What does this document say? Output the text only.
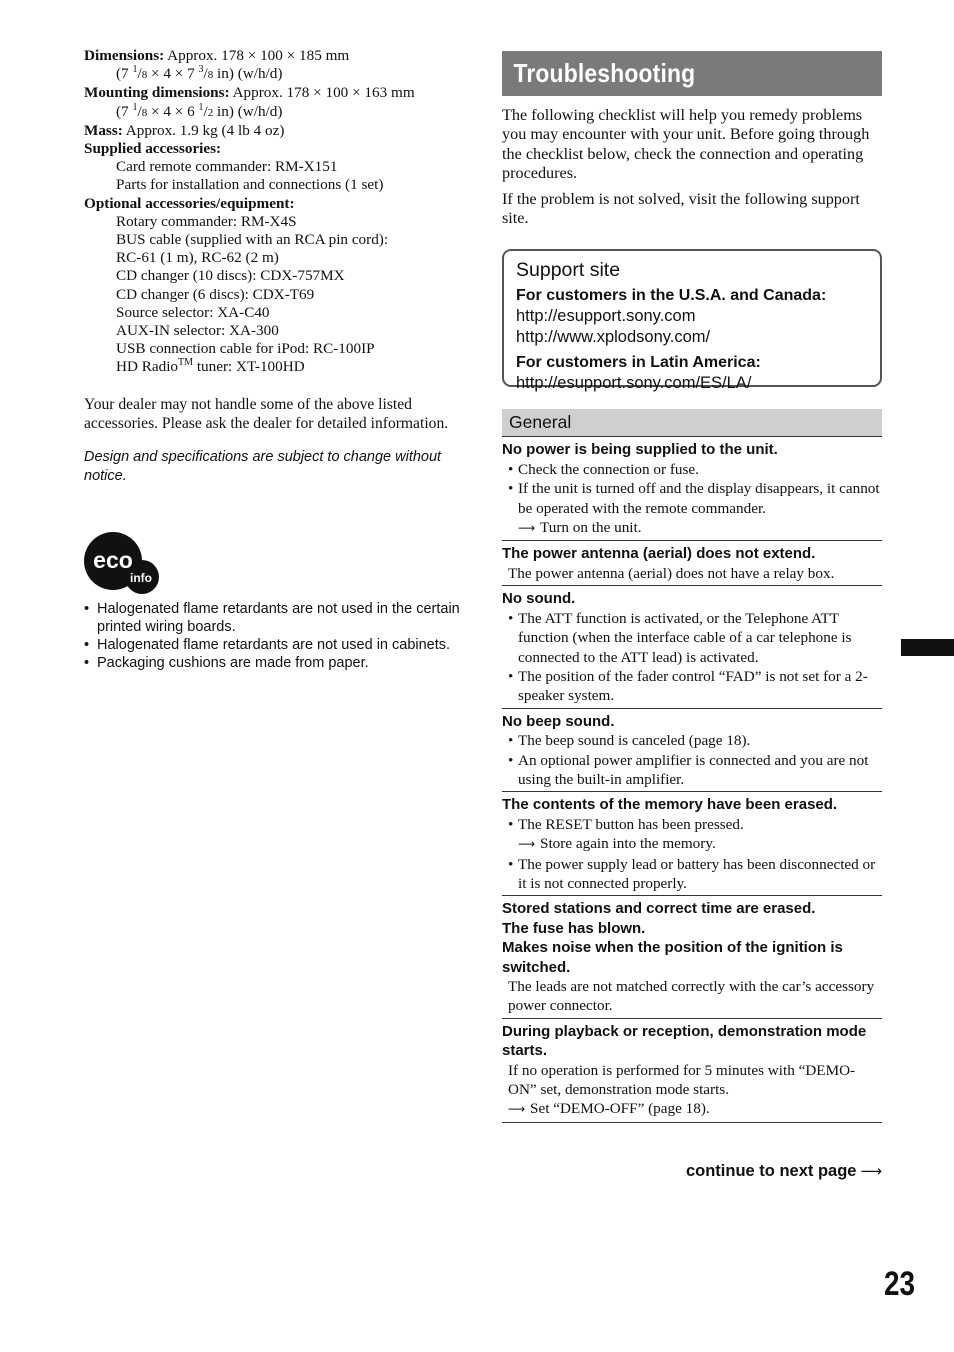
Dimensions: Approx. 178 × 100 × 185 mm

(7 $^1$/8 × 4 × 7 $^3$/8 in) (w/h/d)

Mounting dimensions: Approx. 178 × 100 × 163 mm

(7 $^1$/8 × 4 × 6 $^1$/2 in) (w/h/d)

Mass: Approx. 1.9 kg (4 lb 4 oz)

Supplied accessories:

Card remote commander: RM-X151

Parts for installation and connections (1 set)

Optional accessories/equipment:

Rotary commander: RM-X4S

BUS cable (supplied with an RCA pin cord):

RC-61 (1 m), RC-62 (2 m)

CD changer (10 discs): CDX-757MX

CD changer (6 discs): CDX-T69

Source selector: XA-C40

AUX-IN selector: XA-300

USB connection cable for iPod: RC-100IP

HD Radio™ tuner: XT-100HD

Your dealer may not handle some of the above listed accessories. Please ask the dealer for detailed information.

Design and specifications are subject to change without notice.

eco
info
• Halogenated flame retardants are not used in the certain printed wiring boards.
• Halogenated flame retardants are not used in cabinets.
• Packaging cushions are made from paper.
Troubleshooting

The following checklist will help you remedy problems you may encounter with your unit. Before going through the checklist below, check the connection and operating procedures.

If the problem is not solved, visit the following support site.

Support site

For customers in the U.S.A. and Canada:

http://esupport.sony.com

http://www.xplodsony.com/

For customers in Latin America:

http://esupport.sony.com/ES/LA/

General

No power is being supplied to the unit.

• Check the connection or fuse.

• If the unit is turned off and the display disappears, it cannot be operated with the remote commander.

⟶ Turn on the unit.

The power antenna (aerial) does not extend.

The power antenna (aerial) does not have a relay box.

No sound.

• The ATT function is activated, or the Telephone ATT function (when the interface cable of a car telephone is connected to the ATT lead) is activated.

• The position of the fader control “FAD” is not set for a 2-speaker system.

No beep sound.

• The beep sound is canceled (page 18).

• An optional power amplifier is connected and you are not using the built-in amplifier.

The contents of the memory have been erased.

• The RESET button has been pressed.

⟶ Store again into the memory.

• The power supply lead or battery has been disconnected or it is not connected properly.

Stored stations and correct time are erased.

The fuse has blown.

Makes noise when the position of the ignition is switched.

The leads are not matched correctly with the car’s accessory power connector.

During playback or reception, demonstration mode starts.

If no operation is performed for 5 minutes with “DEMO-ON” set, demonstration mode starts.

⟶ Set “DEMO-OFF” (page 18).

continue to next page ⟶
23
